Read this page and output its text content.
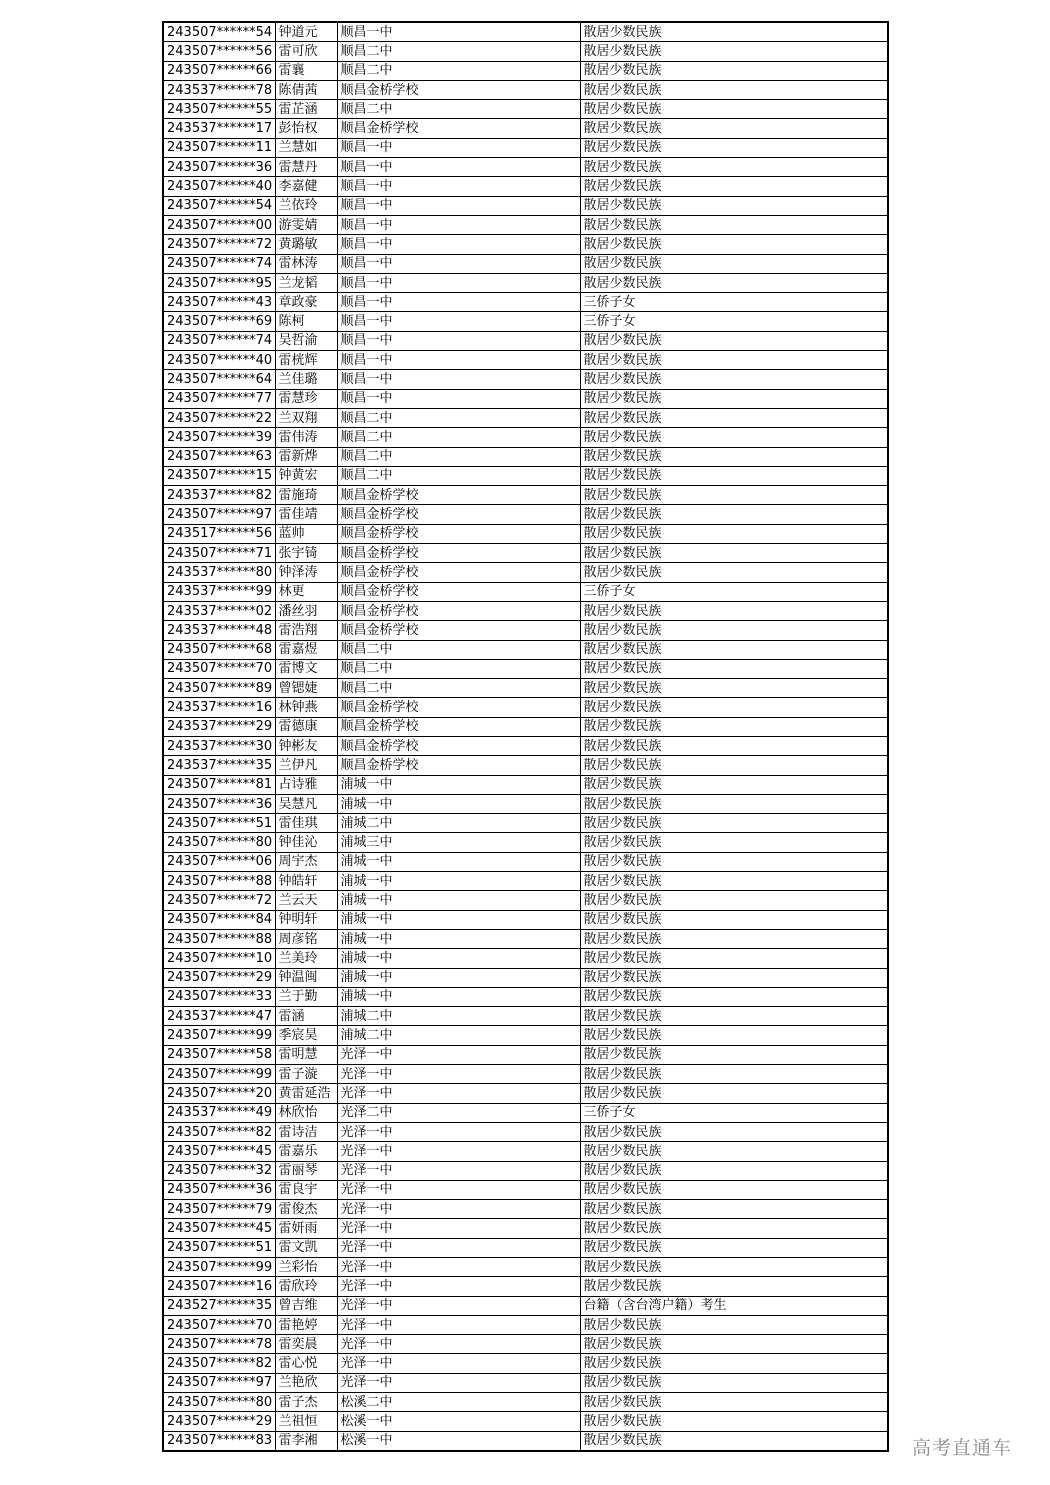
243507******54	钟道元	顺昌一中	散居少数民族
243507******56	雷可欣	顺昌二中	散居少数民族
243507******66	雷襄	顺昌二中	散居少数民族
243537******78	陈倩茜	顺昌金桥学校	散居少数民族
243507******55	雷芷涵	顺昌二中	散居少数民族
243537******17	彭怡权	顺昌金桥学校	散居少数民族
243507******11	兰慧如	顺昌一中	散居少数民族
243507******36	雷慧丹	顺昌一中	散居少数民族
243507******40	李嘉健	顺昌一中	散居少数民族
243507******54	兰依玲	顺昌一中	散居少数民族
243507******00	游雯婧	顺昌一中	散居少数民族
243507******72	黄璐敏	顺昌一中	散居少数民族
243507******74	雷林涛	顺昌一中	散居少数民族
243507******95	兰龙韬	顺昌一中	散居少数民族
243507******43	章政豪	顺昌一中	三侨子女
243507******69	陈柯	顺昌一中	三侨子女
243507******74	吴哲渝	顺昌一中	散居少数民族
243507******40	雷桄辉	顺昌一中	散居少数民族
243507******64	兰佳璐	顺昌一中	散居少数民族
243507******77	雷慧珍	顺昌一中	散居少数民族
243507******22	兰双翔	顺昌二中	散居少数民族
243507******39	雷伟涛	顺昌二中	散居少数民族
243507******63	雷新烨	顺昌二中	散居少数民族
243507******15	钟黄宏	顺昌二中	散居少数民族
243537******82	雷施琦	顺昌金桥学校	散居少数民族
243507******97	雷佳靖	顺昌金桥学校	散居少数民族
243517******56	蓝帅	顺昌金桥学校	散居少数民族
243507******71	张宇锜	顺昌金桥学校	散居少数民族
243537******80	钟泽涛	顺昌金桥学校	散居少数民族
243537******99	林更	顺昌金桥学校	三侨子女
243537******02	潘丝羽	顺昌金桥学校	散居少数民族
243537******48	雷浩翔	顺昌金桥学校	散居少数民族
243507******68	雷嘉煜	顺昌二中	散居少数民族
243507******70	雷博文	顺昌二中	散居少数民族
243507******89	曾锶婕	顺昌二中	散居少数民族
243537******16	林钟燕	顺昌金桥学校	散居少数民族
243537******29	雷德康	顺昌金桥学校	散居少数民族
243537******30	钟彬友	顺昌金桥学校	散居少数民族
243537******35	兰伊凡	顺昌金桥学校	散居少数民族
243507******81	占诗雅	浦城一中	散居少数民族
243507******36	吴慧凡	浦城一中	散居少数民族
243507******51	雷佳琪	浦城二中	散居少数民族
243507******80	钟佳沁	浦城三中	散居少数民族
243507******06	周宇杰	浦城一中	散居少数民族
243507******88	钟皓轩	浦城一中	散居少数民族
243507******72	兰云天	浦城一中	散居少数民族
243507******84	钟明轩	浦城一中	散居少数民族
243507******88	周彦铭	浦城一中	散居少数民族
243507******10	兰美玲	浦城一中	散居少数民族
243507******29	钟温闽	浦城一中	散居少数民族
243507******33	兰于勤	浦城一中	散居少数民族
243537******47	雷涵	浦城二中	散居少数民族
243507******99	季宸昊	浦城二中	散居少数民族
243507******58	雷明慧	光泽一中	散居少数民族
243507******99	雷子漩	光泽一中	散居少数民族
243507******20	黄雷延浩	光泽一中	散居少数民族
243537******49	林欣怡	光泽二中	三侨子女
243507******82	雷诗洁	光泽一中	散居少数民族
243507******45	雷嘉乐	光泽一中	散居少数民族
243507******32	雷丽琴	光泽一中	散居少数民族
243507******36	雷良宇	光泽一中	散居少数民族
243507******79	雷俊杰	光泽一中	散居少数民族
243507******45	雷妍雨	光泽一中	散居少数民族
243507******51	雷文凯	光泽一中	散居少数民族
243507******99	兰彩怡	光泽一中	散居少数民族
243507******16	雷欣玲	光泽一中	散居少数民族
243527******35	曾吉维	光泽一中	台籍（含台湾户籍）考生
243507******70	雷艳婷	光泽一中	散居少数民族
243507******78	雷奕晨	光泽一中	散居少数民族
243507******82	雷心悦	光泽一中	散居少数民族
243507******97	兰艳欣	光泽一中	散居少数民族
243507******80	雷子杰	松溪二中	散居少数民族
243507******29	兰祖恒	松溪一中	散居少数民族
243507******83	雷李湘	松溪一中	散居少数民族	高考直通车
